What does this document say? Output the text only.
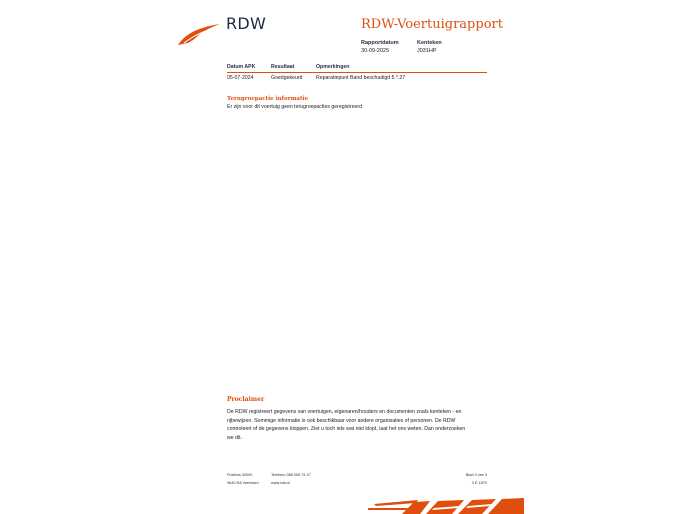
RDW	RDW-Voertuigrapport
Rapportdatum
30-09-2025
Kenteken
J031HP
Datum APK	Resultaat	Opmerkingen
05-07-2024	Goedgekeurd	Reparatiepunt Band beschadigd 5.*.27
Terugroepactie informatie
Er zijn voor dit voertuig geen terugroepacties geregistreerd
Proclaimer
De RDW registreert gegevens van voertuigen, eigenaren/houders en documenten zoals kenteken - en
rijbewijzen. Sommige informatie is ook beschikbaar voor andere organisaties of personen. De RDW
controleert of de gegevens kloppen. Ziet u toch iets wat niet klopt, laat het ons weten. Dan onderzoeken
we dit.
Postbus 30000
9640 RA Veendam
Telefoon 088 008 74 47
www.rdw.nl
Blad 3 van 3
3 E 1879
